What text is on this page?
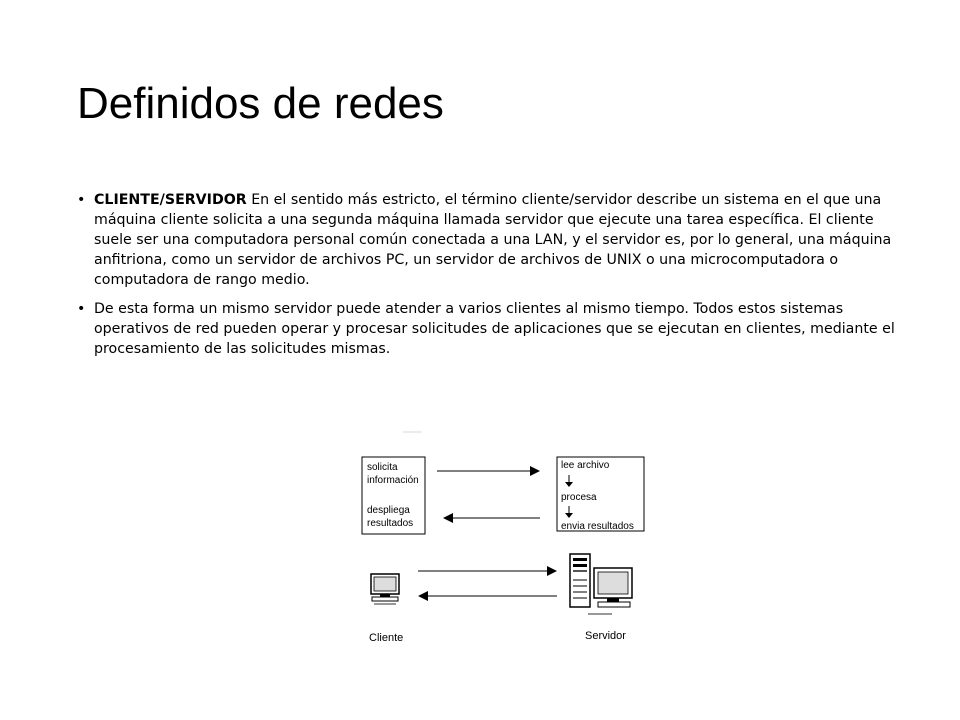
Definidos de redes
• CLIENTE/SERVIDOR En el sentido más estricto, el término cliente/servidor describe un sistema en el que una máquina cliente solicita a una segunda máquina llamada servidor que ejecute una tarea específica. El cliente suele ser una computadora personal común conectada a una LAN, y el servidor es, por lo general, una máquina anfitriona, como un servidor de archivos PC, un servidor de archivos de UNIX o una microcomputadora o computadora de rango medio.
• De esta forma un mismo servidor puede atender a varios clientes al mismo tiempo. Todos estos sistemas operativos de red pueden operar y procesar solicitudes de aplicaciones que se ejecutan en clientes, mediante el procesamiento de las solicitudes mismas.
solicita
información
despliega
resultados
lee archivo
procesa
envia resultados
Cliente	Servidor
